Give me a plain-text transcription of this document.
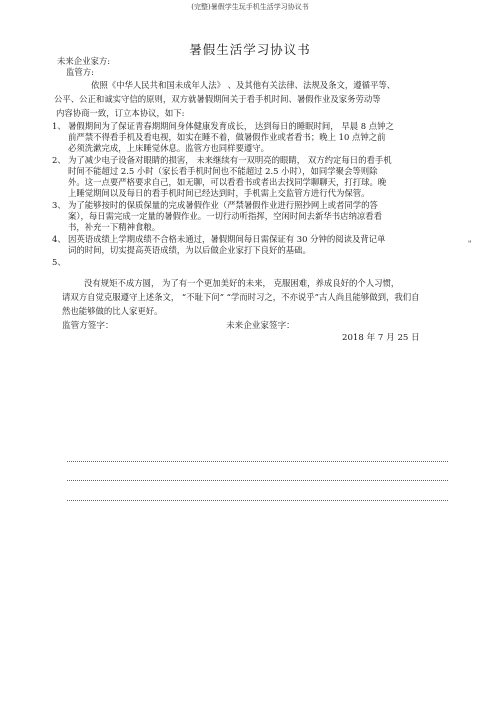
(完整)暑假学生玩手机生活学习协议书
暑假生活学习协议书
未来企业家方:
监管方:
依照《中华人民共和国未成年人法》 、及其他有关法律、法规及条文，遵循平等、
公平、公正和诚实守信的原则，双方就暑假期间关于看手机时间、暑假作业及家务劳动等
内容协商一致，订立本协议，如下:
1、 暑假期间为了保证青春期期间身体健康发育成长， 达到每日的睡眠时间， 早晨 8 点钟之
前严禁不得看手机及看电视，如实在睡不着，做暑假作业或者看书；晚上 10 点钟之前
必须洗漱完成，上床睡觉休息。监管方也同样要遵守。
2、 为了减少电子设备对眼睛的损害， 未来继续有一双明亮的眼睛， 双方约定每日的看手机
时间不能超过 2.5 小时（家长看手机时间也不能超过 2.5 小时），如同学聚会等则除
外。这一点要严格要求自己，如无聊，可以看看书或者出去找同学聊聊天，打打球。晚
上睡觉期间以及每日的看手机时间已经达到时，手机需上交监管方进行代为保管。
3、 为了能够按时的保质保量的完成暑假作业（严禁暑假作业进行照抄网上或者同学的答
案），每日需完成一定量的暑假作业。一切行动听指挥，空闲时间去新华书店纳凉看看
书，补充一下精神食粮。
4、 因英语成绩上学期成绩不合格未通过，暑假期间每日需保证有 30 分钟的阅读及背记单
词的时间，切实提高英语成绩，为以后做企业家打下良好的基础。
5、
"
没有规矩不成方圆， 为了有一个更加美好的未来， 克服困难，养成良好的个人习惯，
请双方自觉克服遵守上述条文， “不耻下问” “学而时习之，不亦说乎”古人尚且能够做到，我们自
然也能够做的比人家更好。
监管方签字：	未来企业家签字：
2018 年 7 月 25 日
